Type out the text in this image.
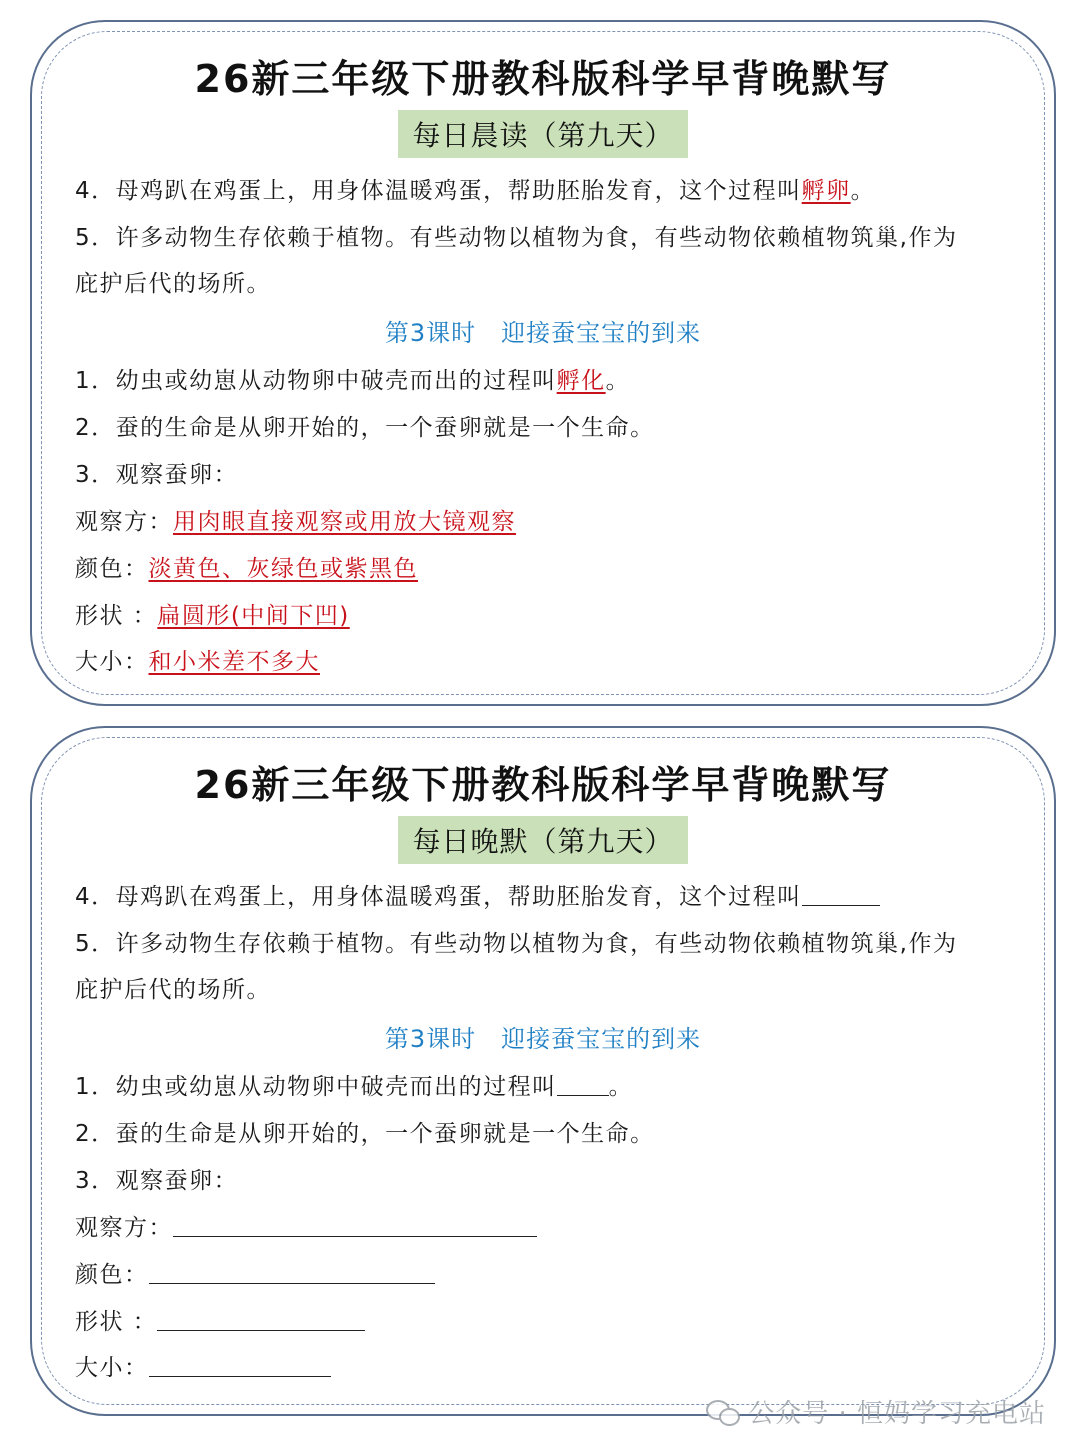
26新三年级下册教科版科学早背晚默写
每日晨读（第九天）
4．母鸡趴在鸡蛋上，用身体温暖鸡蛋，帮助胚胎发育，这个过程叫孵卵。
5．许多动物生存依赖于植物。有些动物以植物为食，有些动物依赖植物筑巢,作为
庇护后代的场所。
第3课时　迎接蚕宝宝的到来
1．幼虫或幼崽从动物卵中破壳而出的过程叫孵化。
2．蚕的生命是从卵开始的，一个蚕卵就是一个生命。
3．观察蚕卵：
观察方：用肉眼直接观察或用放大镜观察
颜色：淡黄色、灰绿色或紫黑色
形状 ：扁圆形(中间下凹)
大小：和小米差不多大
26新三年级下册教科版科学早背晚默写
每日晚默（第九天）
4．母鸡趴在鸡蛋上，用身体温暖鸡蛋，帮助胚胎发育，这个过程叫
5．许多动物生存依赖于植物。有些动物以植物为食，有些动物依赖植物筑巢,作为
庇护后代的场所。
第3课时　迎接蚕宝宝的到来
1．幼虫或幼崽从动物卵中破壳而出的过程叫 。
2．蚕的生命是从卵开始的，一个蚕卵就是一个生命。
3．观察蚕卵：
观察方：
颜色：
形状 ：
大小：
公众号 · 恒妈学习充电站
